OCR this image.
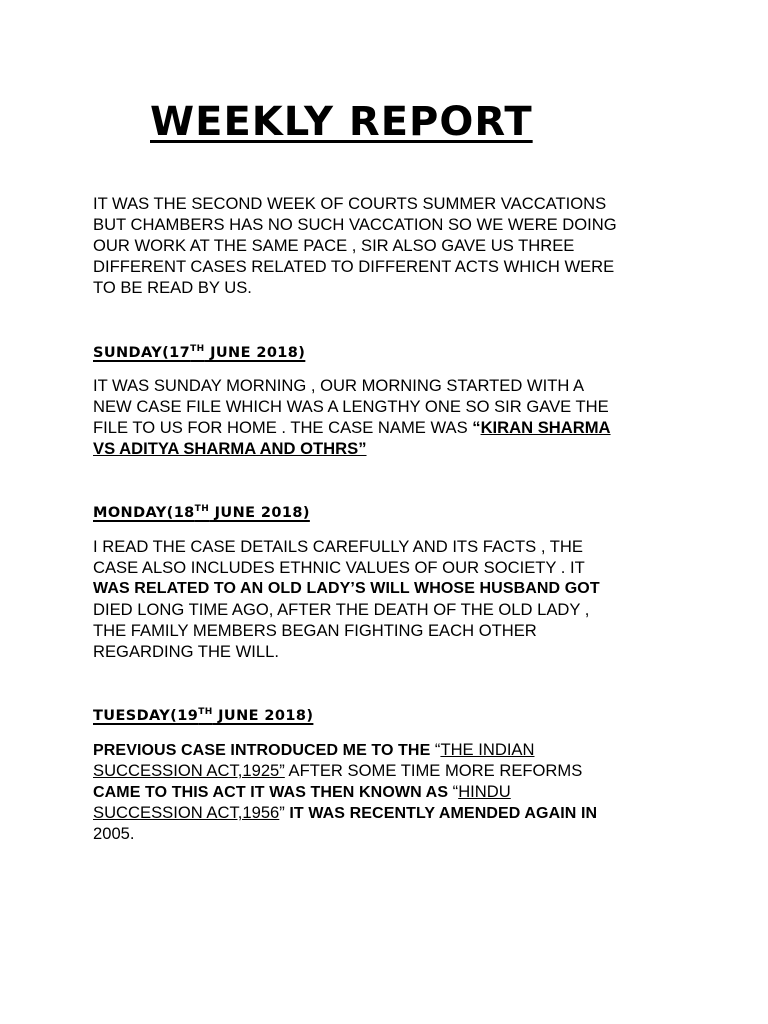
WEEKLY REPORT

IT WAS THE SECOND WEEK OF COURTS SUMMER VACCATIONS
BUT CHAMBERS HAS NO SUCH VACCATION SO WE WERE DOING
OUR WORK AT THE SAME PACE , SIR ALSO GAVE US THREE
DIFFERENT CASES RELATED TO DIFFERENT ACTS WHICH WERE
TO BE READ BY US.

SUNDAY(17TH JUNE 2018)

IT WAS SUNDAY MORNING , OUR MORNING STARTED WITH A
NEW CASE FILE WHICH WAS A LENGTHY ONE SO SIR GAVE THE
FILE TO US FOR HOME . THE CASE NAME WAS “KIRAN SHARMA
VS ADITYA SHARMA AND OTHRS”

MONDAY(18TH JUNE 2018)

I READ THE CASE DETAILS CAREFULLY AND ITS FACTS , THE
CASE ALSO INCLUDES ETHNIC VALUES OF OUR SOCIETY . IT
WAS RELATED TO AN OLD LADY’S WILL WHOSE HUSBAND GOT
DIED LONG TIME AGO, AFTER THE DEATH OF THE OLD LADY ,
THE FAMILY MEMBERS BEGAN FIGHTING EACH OTHER
REGARDING THE WILL.

TUESDAY(19TH JUNE 2018)

PREVIOUS CASE INTRODUCED ME TO THE “THE INDIAN
SUCCESSION ACT,1925” AFTER SOME TIME MORE REFORMS
CAME TO THIS ACT IT WAS THEN KNOWN AS “HINDU
SUCCESSION ACT,1956” IT WAS RECENTLY AMENDED AGAIN IN
2005.
